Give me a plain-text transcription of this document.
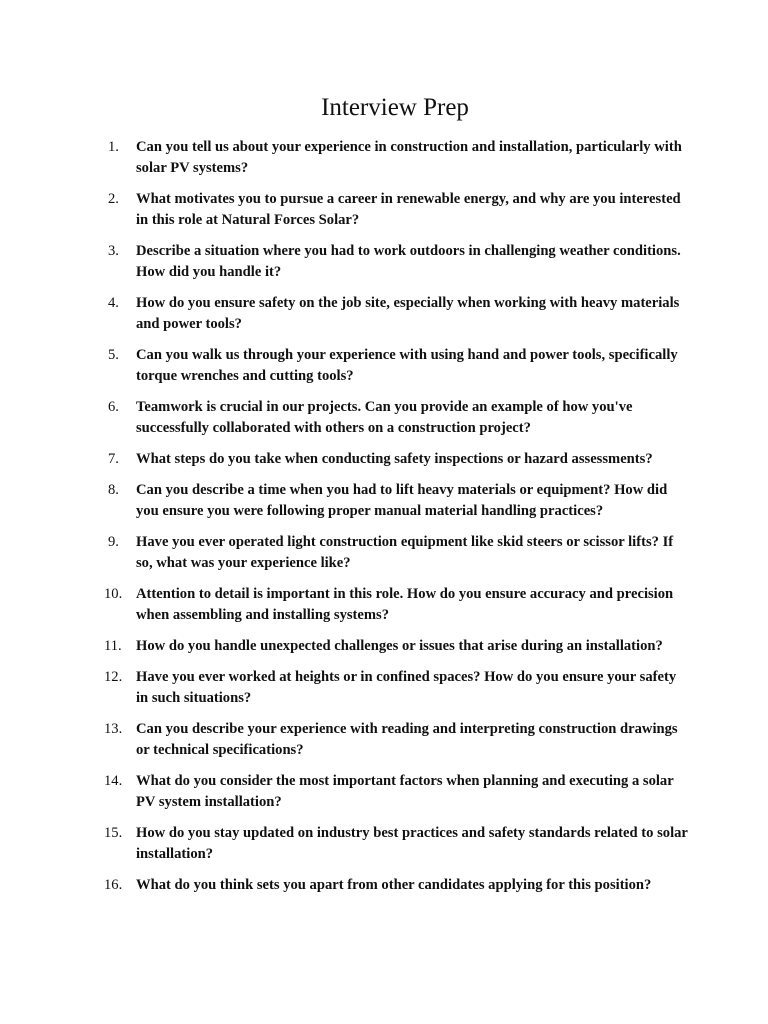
Interview Prep
1.	Can you tell us about your experience in construction and installation, particularly with solar PV systems?
2.	What motivates you to pursue a career in renewable energy, and why are you interested in this role at Natural Forces Solar?
3.	Describe a situation where you had to work outdoors in challenging weather conditions. How did you handle it?
4.	How do you ensure safety on the job site, especially when working with heavy materials and power tools?
5.	Can you walk us through your experience with using hand and power tools, specifically torque wrenches and cutting tools?
6.	Teamwork is crucial in our projects. Can you provide an example of how you've successfully collaborated with others on a construction project?
7.	What steps do you take when conducting safety inspections or hazard assessments?
8.	Can you describe a time when you had to lift heavy materials or equipment? How did you ensure you were following proper manual material handling practices?
9.	Have you ever operated light construction equipment like skid steers or scissor lifts? If so, what was your experience like?
10. Attention to detail is important in this role. How do you ensure accuracy and precision when assembling and installing systems?
11. How do you handle unexpected challenges or issues that arise during an installation?
12. Have you ever worked at heights or in confined spaces? How do you ensure your safety in such situations?
13. Can you describe your experience with reading and interpreting construction drawings or technical specifications?
14. What do you consider the most important factors when planning and executing a solar PV system installation?
15. How do you stay updated on industry best practices and safety standards related to solar installation?
16. What do you think sets you apart from other candidates applying for this position?
